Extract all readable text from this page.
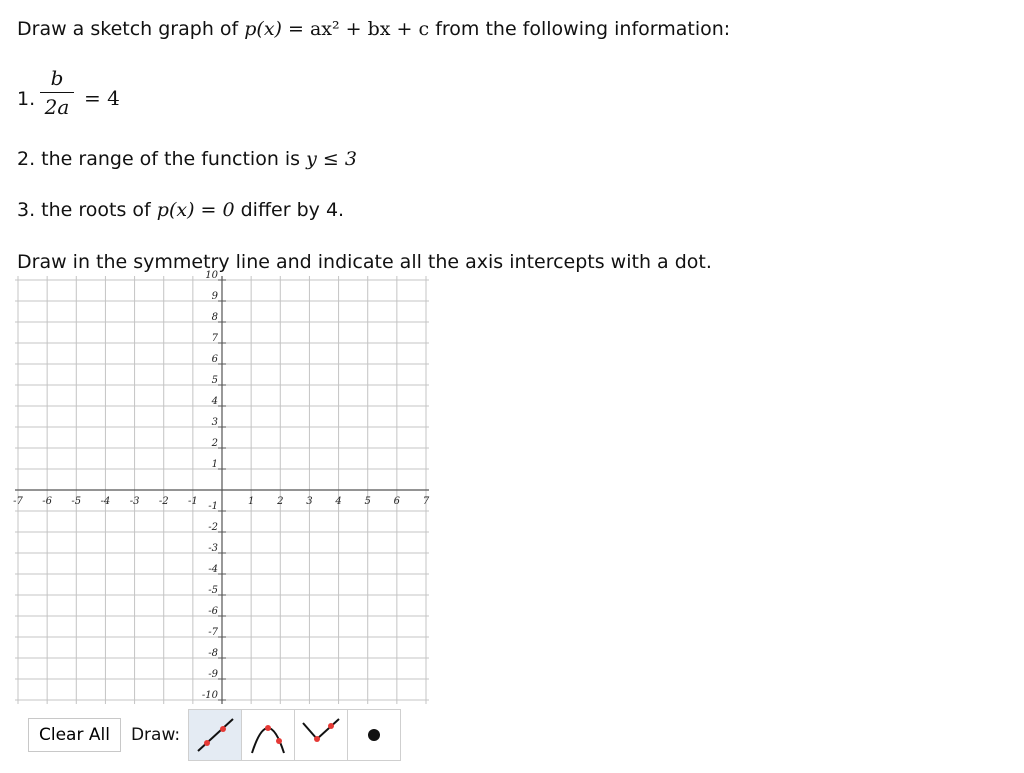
Draw a sketch graph of p(x) = ax² + bx + c from the following information:
1.
b
2a = 4
2. the range of the function is y ≤ 3
3. the roots of p(x) = 0 differ by 4.
Draw in the symmetry line and indicate all the axis intercepts with a dot.
-7 -6 -5 -4 -3 -2 -1	1 2 3 4 5 6 7
10
9
8
7
6
5
4
3
2
1
-1
-2
-3
-4
-5
-6
-7
-8
-9
-10
Clear All	Draw:
